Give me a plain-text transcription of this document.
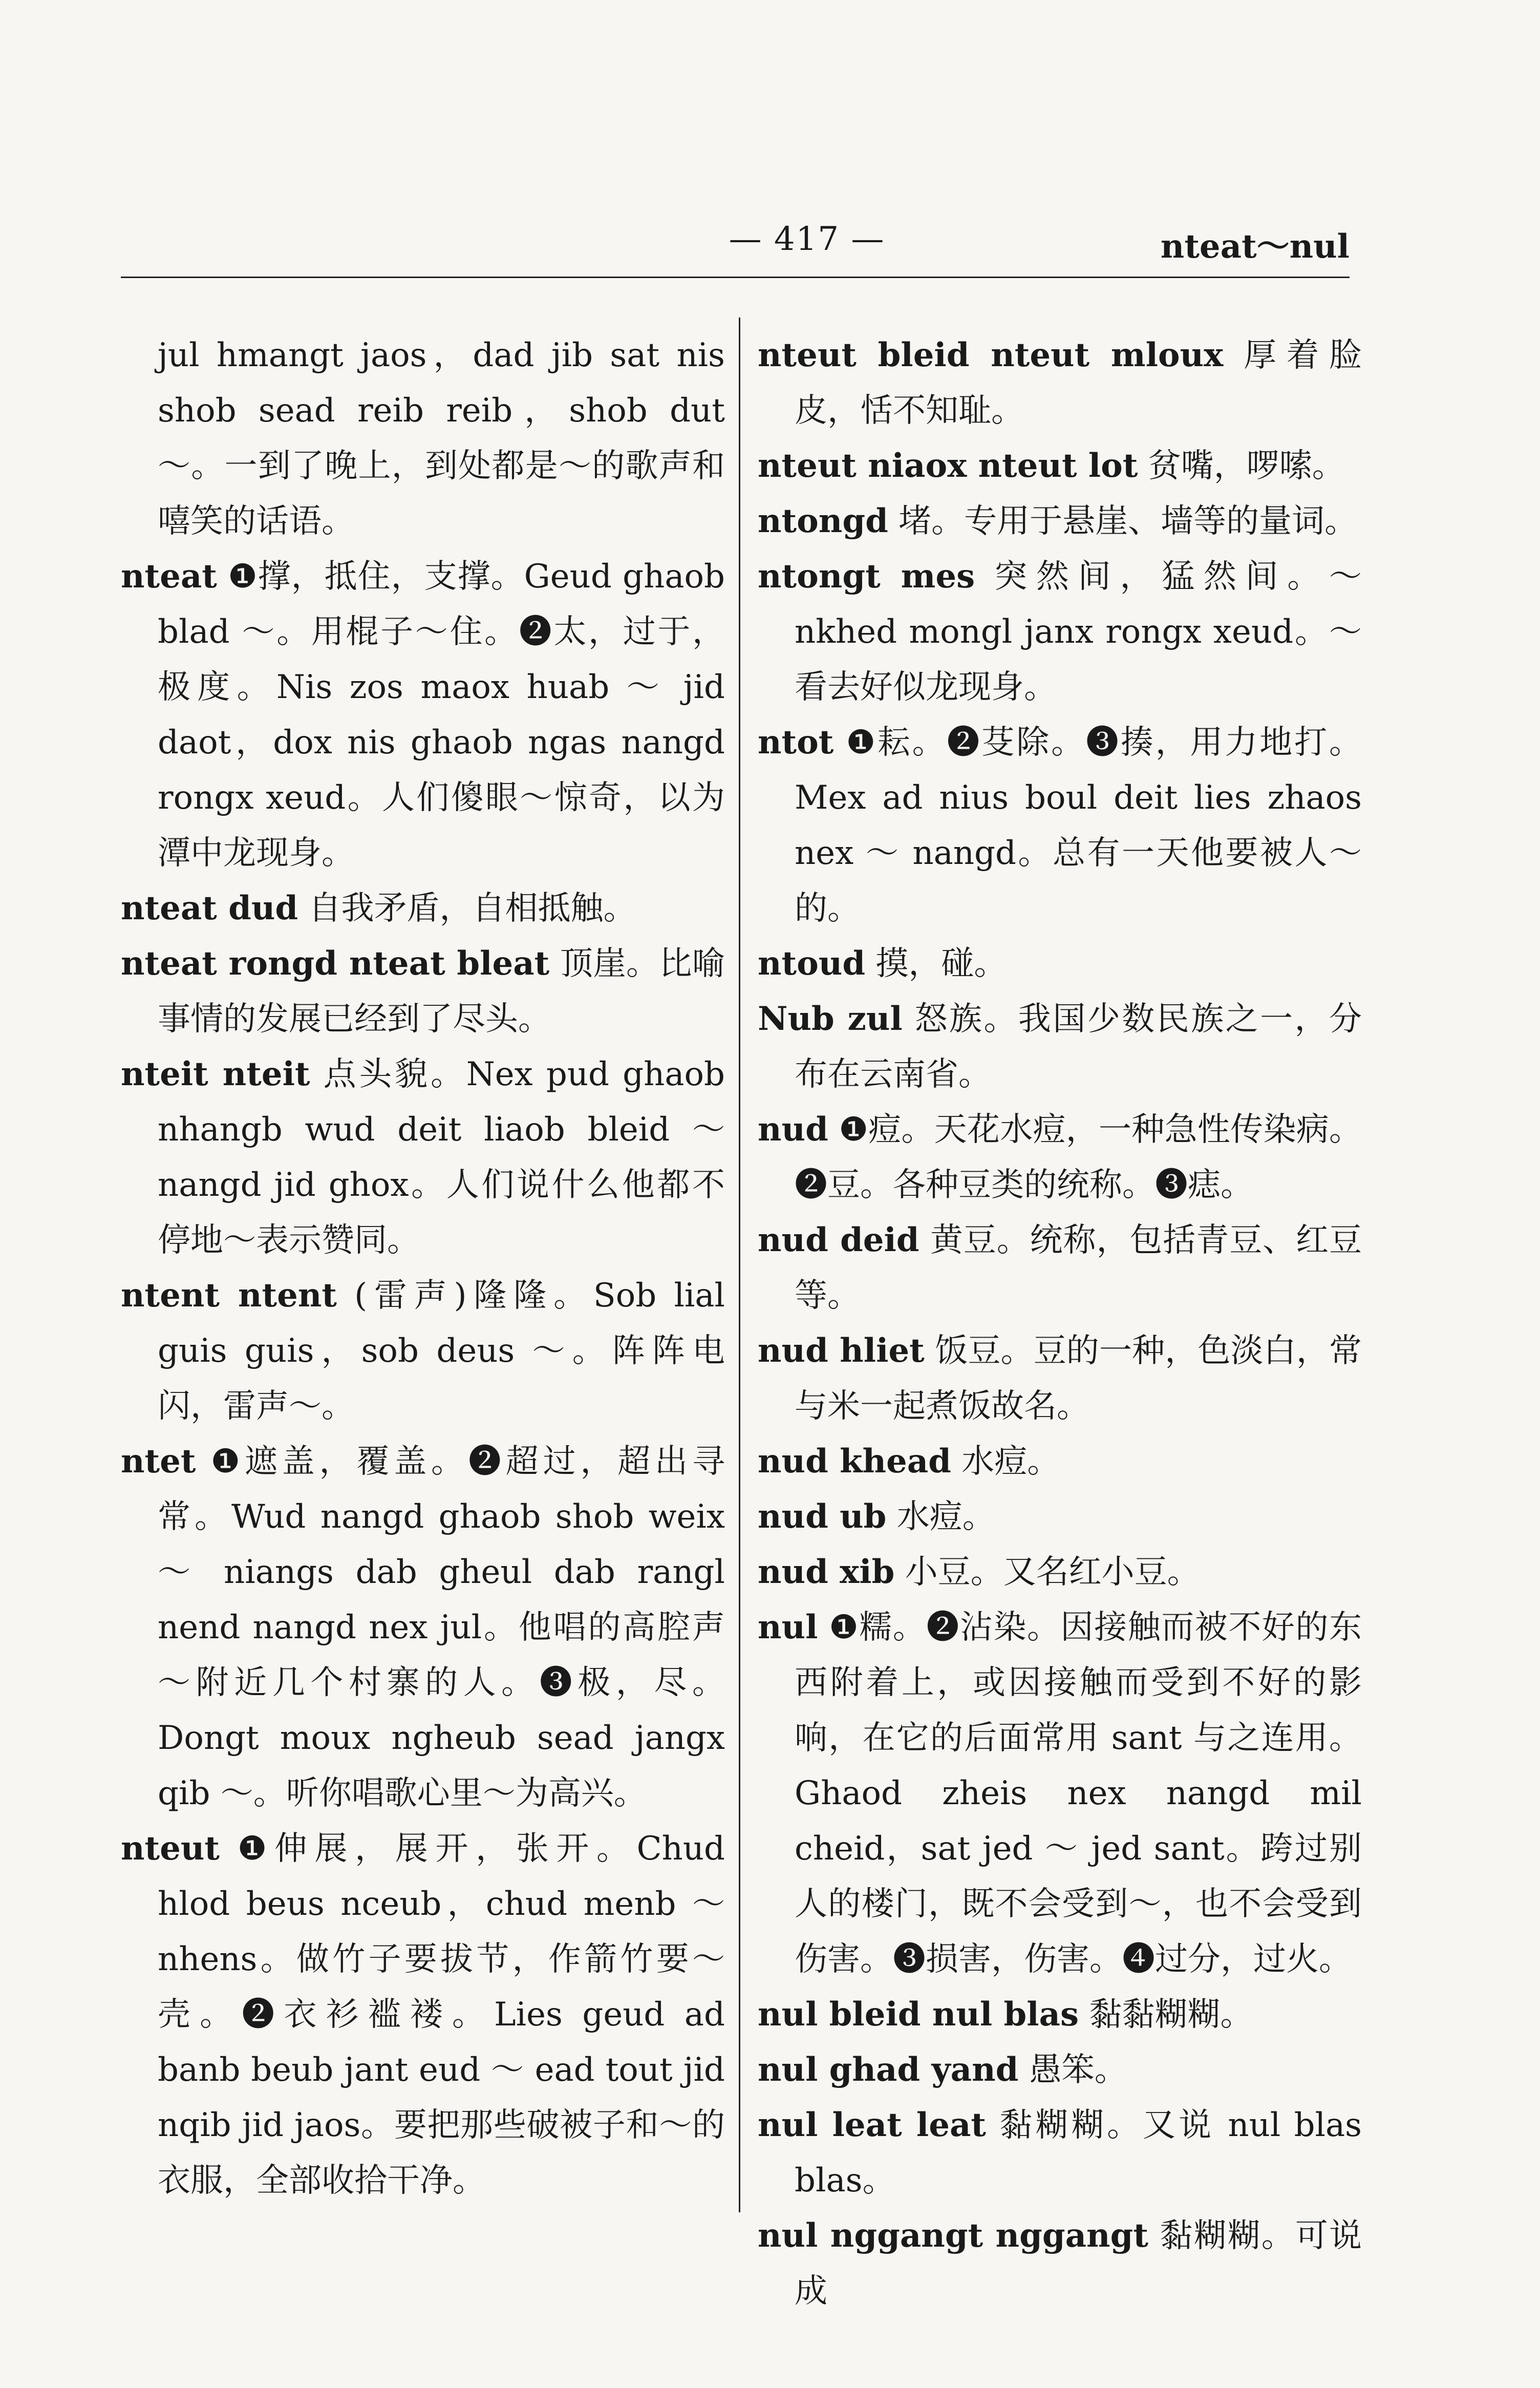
— 417 —	nteat～nul

jul hmangt jaos，dad jib sat nis shob sead reib reib，shob dut ～。一到了晚上，到处都是～的歌声和嘻笑的话语。

nteat ❶撑，抵住，支撑。Geud ghaob blad ～。用棍子～住。❷太，过于，极度。Nis zos maox huab ～ jid daot，dox nis ghaob ngas nangd rongx xeud。人们傻眼～惊奇，以为潭中龙现身。

nteat dud 自我矛盾，自相抵触。

nteat rongd nteat bleat 顶崖。比喻事情的发展已经到了尽头。

nteit nteit 点头貌。Nex pud ghaob nhangb wud deit liaob bleid ～ nangd jid ghox。人们说什么他都不停地～表示赞同。

ntent ntent (雷声)隆隆。Sob lial guis guis，sob deus ～。阵阵电闪，雷声～。

ntet ❶遮盖，覆盖。❷超过，超出寻常。Wud nangd ghaob shob weix ～ niangs dab gheul dab rangl nend nangd nex jul。他唱的高腔声～附近几个村寨的人。❸极，尽。Dongt moux ngheub sead jangx qib ～。听你唱歌心里～为高兴。

nteut ❶伸展，展开，张开。Chud hlod beus nceub，chud menb ～ nhens。做竹子要拔节，作箭竹要～壳。❷衣衫褴褛。Lies geud ad banb beub jant eud ～ ead tout jid nqib jid jaos。要把那些破被子和～的衣服，全部收拾干净。

nteut bleid nteut mloux 厚着脸皮，恬不知耻。

nteut niaox nteut lot 贫嘴，啰嗦。

ntongd 堵。专用于悬崖、墙等的量词。

ntongt mes 突然间，猛然间。～ nkhed mongl janx rongx xeud。～看去好似龙现身。

ntot ❶耘。❷芟除。❸揍，用力地打。Mex ad nius boul deit lies zhaos nex ～ nangd。总有一天他要被人～的。

ntoud 摸，碰。

Nub zul 怒族。我国少数民族之一，分布在云南省。

nud ❶痘。天花水痘，一种急性传染病。❷豆。各种豆类的统称。❸痣。

nud deid 黄豆。统称，包括青豆、红豆等。

nud hliet 饭豆。豆的一种，色淡白，常与米一起煮饭故名。

nud khead 水痘。

nud ub 水痘。

nud xib 小豆。又名红小豆。

nul ❶糯。❷沾染。因接触而被不好的东西附着上，或因接触而受到不好的影响，在它的后面常用 sant 与之连用。Ghaod zheis nex nangd mil cheid，sat jed ～ jed sant。跨过别人的楼门，既不会受到～，也不会受到伤害。❸损害，伤害。❹过分，过火。

nul bleid nul blas 黏黏糊糊。

nul ghad yand 愚笨。

nul leat leat 黏糊糊。又说 nul blas blas。

nul nggangt nggangt 黏糊糊。可说成
